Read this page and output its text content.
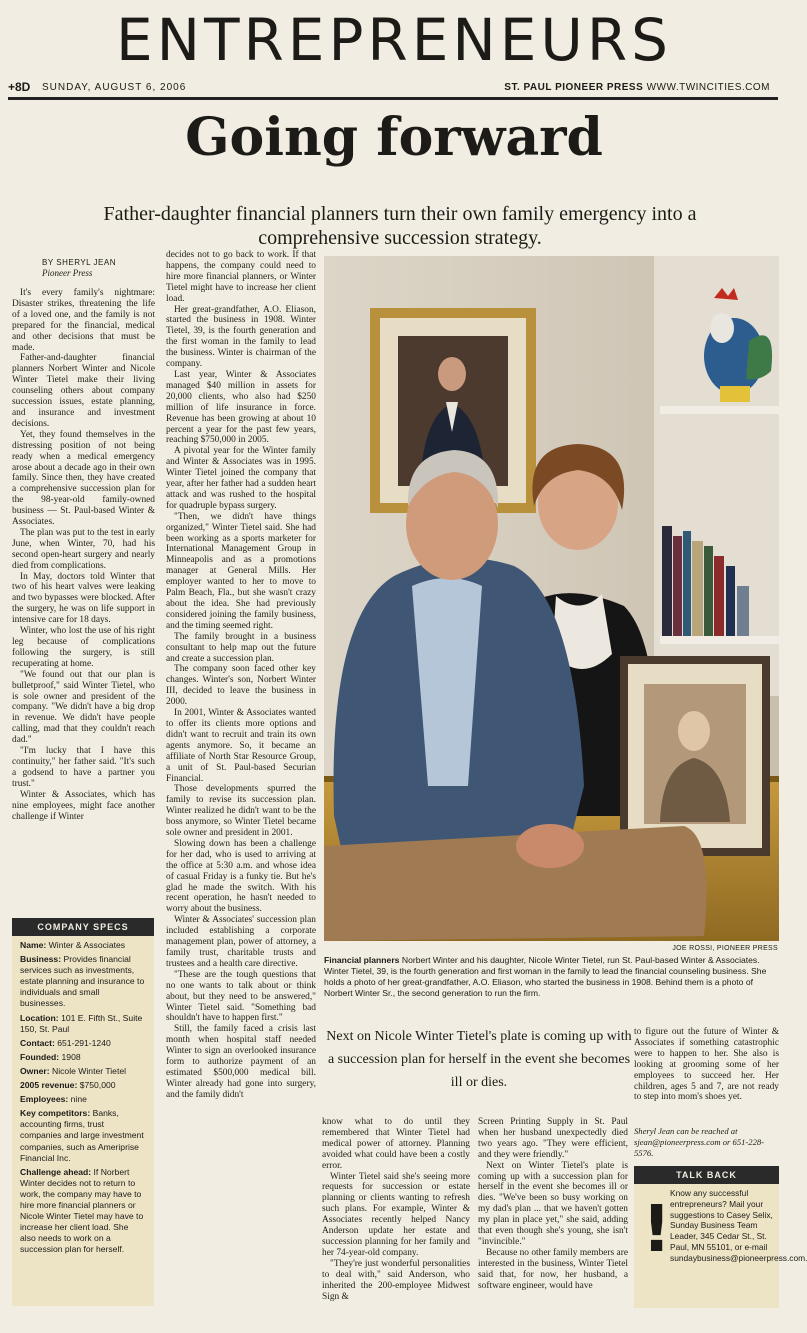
ENTREPRENEURS
+8D SUNDAY, AUGUST 6, 2006	ST. PAUL PIONEER PRESS WWW.TWINCITIES.COM
Going forward
Father-daughter financial planners turn their own family emergency into a comprehensive succession strategy.
BY SHERYL JEAN
Pioneer Press

It's every family's nightmare: Disaster strikes, threatening the life of a loved one, and the family is not prepared for the financial, medical and other decisions that must be made.

Father-and-daughter financial planners Norbert Winter and Nicole Winter Tietel make their living counseling others about company succession issues, estate planning, and insurance and investment decisions.

Yet, they found themselves in the distressing position of not being ready when a medical emergency arose about a decade ago in their own family. Since then, they have created a comprehensive succession plan for the 98-year-old family-owned business — St. Paul-based Winter & Associates.

The plan was put to the test in early June, when Winter, 70, had his second open-heart surgery and nearly died from complications.

In May, doctors told Winter that two of his heart valves were leaking and two bypasses were blocked. After the surgery, he was on life support in intensive care for 18 days.

Winter, who lost the use of his right leg because of complications following the surgery, is still recuperating at home.

"We found out that our plan is bulletproof," said Winter Tietel, who is sole owner and president of the company. "We didn't have a big drop in revenue. We didn't have people calling, mad that they couldn't reach dad."

"I'm lucky that I have this continuity," her father said. "It's such a godsend to have a partner you trust."

Winter & Associates, which has nine employees, might face another challenge if Winter

decides not to go back to work. If that happens, the company could need to hire more financial planners, or Winter Tietel might have to increase her client load.

Her great-grandfather, A.O. Eliason, started the business in 1908. Winter Tietel, 39, is the fourth generation and the first woman in the family to lead the business. Winter is chairman of the company.

Last year, Winter & Associates managed $40 million in assets for 20,000 clients, who also had $250 million of life insurance in force. Revenue has been growing at about 10 percent a year for the past few years, reaching $750,000 in 2005.

A pivotal year for the Winter family and Winter & Associates was in 1995. Winter Tietel joined the company that year, after her father had a sudden heart attack and was rushed to the hospital for quadruple bypass surgery.

"Then, we didn't have things organized," Winter Tietel said. She had been working as a sports marketer for International Management Group in Minneapolis and as a promotions manager at General Mills. Her employer wanted to her to move to Palm Beach, Fla., but she wasn't crazy about the idea. She had previously considered joining the family business, and the timing seemed right.

The family brought in a business consultant to help map out the future and create a succession plan.

The company soon faced other key changes. Winter's son, Norbert Winter III, decided to leave the business in 2000.

In 2001, Winter & Associates wanted to offer its clients more options and didn't want to recruit and train its own agents anymore. So, it became an affiliate of North Star Resource Group, a unit of St. Paul-based Securian Financial.

Those developments spurred the family to revise its succession plan. Winter realized he didn't want to be the boss anymore, so Winter Tietel became sole owner and president in 2001.

Slowing down has been a challenge for her dad, who is used to arriving at the office at 5:30 a.m. and whose idea of casual Friday is a funky tie. But he's glad he made the switch. With his recent operation, he hasn't needed to worry about the business.

Winter & Associates' succession plan included establishing a corporate management plan, power of attorney, a family trust, charitable trusts and trustees and a health care directive.

"These are the tough questions that no one wants to talk about or think about, but they need to be answered," Winter Tietel said. "Something bad shouldn't have to happen first."

Still, the family faced a crisis last month when hospital staff needed Winter to sign an overlooked insurance form to authorize payment of an estimated $500,000 medical bill. Winter already had gone into surgery, and the family didn't

know what to do until they remembered that Winter Tietel had medical power of attorney. Planning avoided what could have been a costly error.

Winter Tietel said she's seeing more requests for succession or estate planning or clients wanting to refresh such plans. For example, Winter & Associates recently helped Nancy Anderson update her estate and succession planning for her family and her 74-year-old company.

"They're just wonderful personalities to deal with," said Anderson, who inherited the 200-employee Midwest Sign &

Screen Printing Supply in St. Paul when her husband unexpectedly died two years ago. "They were efficient, and they were friendly."

Next on Winter Tietel's plate is coming up with a succession plan for herself in the event she becomes ill or dies. "We've been so busy working on my dad's plan ... that we haven't gotten my plan in place yet," she said, adding that even though she's young, she isn't "invincible."

Because no other family members are interested in the business, Winter Tietel said that, for now, her husband, a software engineer, would have

to figure out the future of Winter & Associates if something catastrophic were to happen to her. She also is looking at grooming some of her employees to succeed her. Her children, ages 5 and 7, are not ready to step into mom's shoes yet.

JOE ROSSI, PIONEER PRESS
Financial planners Norbert Winter and his daughter, Nicole Winter Tietel, run St. Paul-based Winter & Associates. Winter Tietel, 39, is the fourth generation and first woman in the family to lead the financial counseling business. She holds a photo of her great-grandfather, A.O. Eliason, who started the business in 1908. Behind them is a photo of Norbert Winter Sr., the second generation to run the firm.
Next on Nicole Winter Tietel's plate is coming up with a succession plan for herself in the event she becomes ill or dies.
COMPANY SPECS

Name: Winter & Associates

Business: Provides financial services such as investments, estate planning and insurance to individuals and small businesses.

Location: 101 E. Fifth St., Suite 150, St. Paul

Contact: 651-291-1240

Founded: 1908

Owner: Nicole Winter Tietel

2005 revenue: $750,000

Employees: nine

Key competitors: Banks, accounting firms, trust companies and large investment companies, such as Ameriprise Financial Inc.

Challenge ahead: If Norbert Winter decides not to return to work, the company may have to hire more financial planners or Nicole Winter Tietel may have to increase her client load. She also needs to work on a succession plan for herself.

Sheryl Jean can be reached at sjean@pioneerpress.com or 651-228-5576.
TALK BACK
!
Know any successful entrepreneurs? Mail your suggestions to Casey Selix, Sunday Business Team Leader, 345 Cedar St., St. Paul, MN 55101, or e-mail sundaybusiness@pioneerpress.com.
